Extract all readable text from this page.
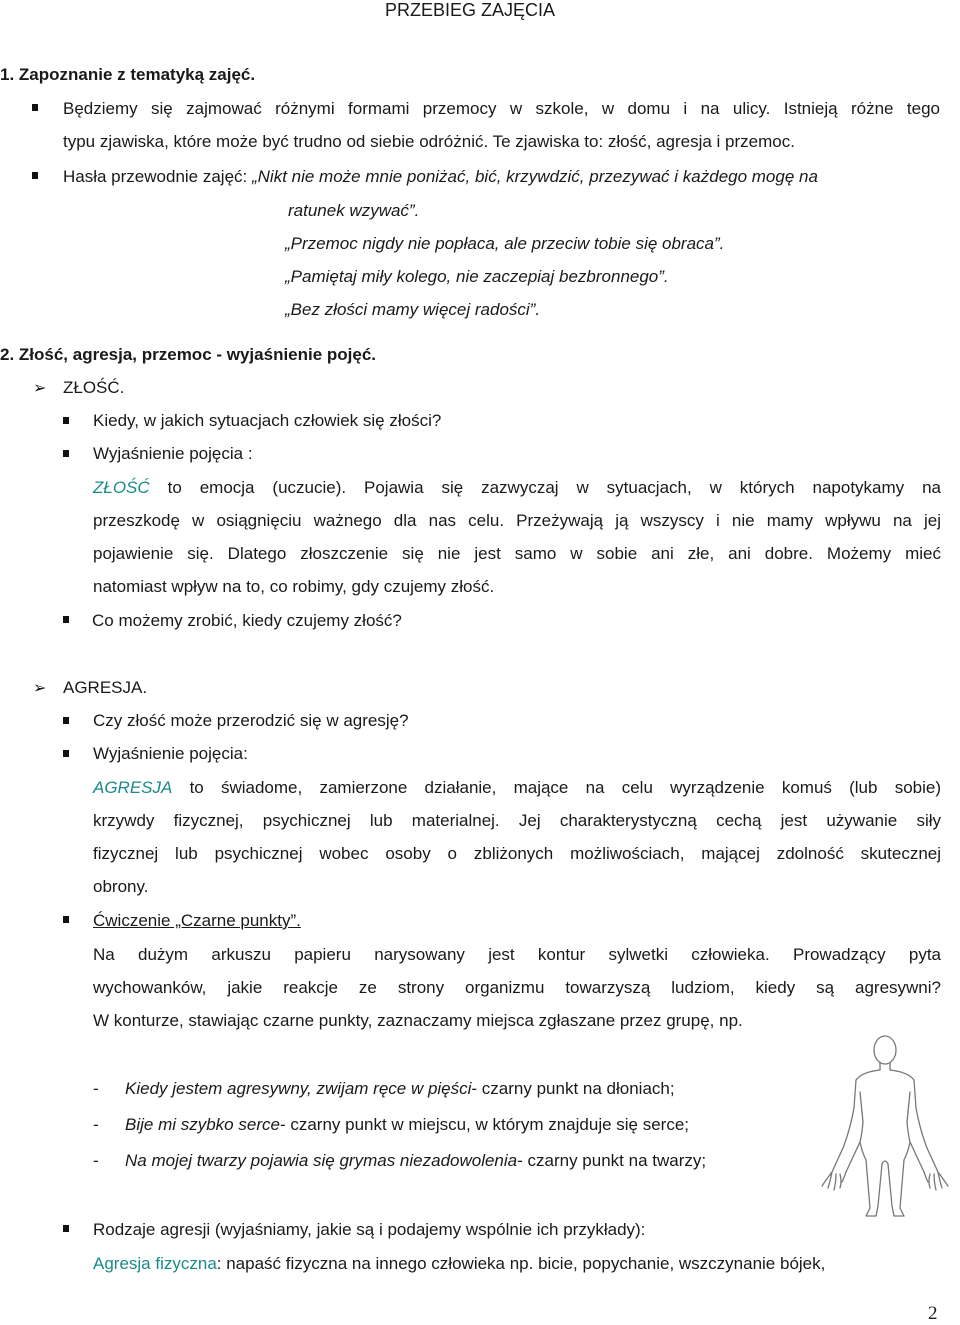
PRZEBIEG ZAJĘCIA
1. Zapoznanie z tematyką zajęć.
Będziemy się zajmować różnymi formami przemocy w szkole, w domu i na ulicy. Istnieją różne tego
typu zjawiska, które może być trudno od siebie odróżnić. Te zjawiska to: złość, agresja i przemoc.
Hasła przewodnie zajęć: „Nikt nie może mnie poniżać, bić, krzywdzić, przezywać i każdego mogę na
ratunek wzywać”.
„Przemoc nigdy nie popłaca, ale przeciw tobie się obraca”.
„Pamiętaj miły kolego, nie zaczepiaj bezbronnego”.
„Bez złości mamy więcej radości”.
2. Złość, agresja, przemoc - wyjaśnienie pojęć.
➢ ZŁOŚĆ.
Kiedy, w jakich sytuacjach człowiek się złości?
Wyjaśnienie pojęcia :
ZŁOŚĆ to emocja (uczucie). Pojawia się zazwyczaj w sytuacjach, w których napotykamy na
przeszkodę w osiągnięciu ważnego dla nas celu. Przeżywają ją wszyscy i nie mamy wpływu na jej
pojawienie się. Dlatego złoszczenie się nie jest samo w sobie ani złe, ani dobre. Możemy mieć
natomiast wpływ na to, co robimy, gdy czujemy złość.
Co możemy zrobić, kiedy czujemy złość?
➢ AGRESJA.
Czy złość może przerodzić się w agresję?
Wyjaśnienie pojęcia:
AGRESJA to świadome, zamierzone działanie, mające na celu wyrządzenie komuś (lub sobie)
krzywdy fizycznej, psychicznej lub materialnej. Jej charakterystyczną cechą jest używanie siły
fizycznej lub psychicznej wobec osoby o zbliżonych możliwościach, mającej zdolność skutecznej
obrony.
Ćwiczenie „Czarne punkty”.
Na dużym arkuszu papieru narysowany jest kontur sylwetki człowieka. Prowadzący pyta
wychowanków, jakie reakcje ze strony organizmu towarzyszą ludziom, kiedy są agresywni?
W konturze, stawiając czarne punkty, zaznaczamy miejsca zgłaszane przez grupę, np.
- Kiedy jestem agresywny, zwijam ręce w pięści- czarny punkt na dłoniach;
- Bije mi szybko serce- czarny punkt w miejscu, w którym znajduje się serce;
- Na mojej twarzy pojawia się grymas niezadowolenia- czarny punkt na twarzy;
Rodzaje agresji (wyjaśniamy, jakie są i podajemy wspólnie ich przykłady):
Agresja fizyczna: napaść fizyczna na innego człowieka np. bicie, popychanie, wszczynanie bójek,
2
